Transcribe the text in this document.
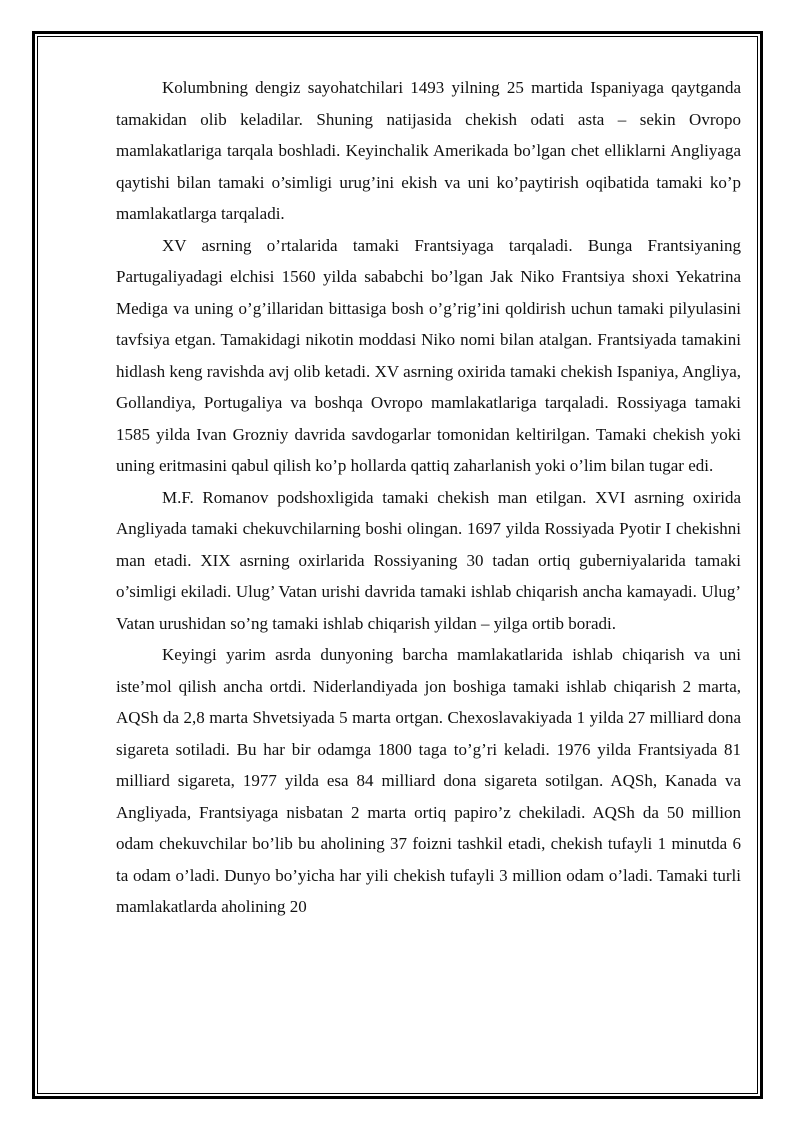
Kolumbning dengiz sayohatchilari 1493 yilning 25 martida Ispaniyaga qaytganda tamakidan olib keladilar. Shuning natijasida chekish odati asta – sekin Ovropo mamlakatlariga tarqala boshladi. Keyinchalik Amerikada bo’lgan chet elliklarni Angliyaga qaytishi bilan tamaki o’simligi urug’ini ekish va uni ko’paytirish oqibatida tamaki ko’p mamlakatlarga tarqaladi.

XV asrning o’rtalarida tamaki Frantsiyaga tarqaladi. Bunga Frantsiyaning Partugaliyadagi elchisi 1560 yilda sababchi bo’lgan Jak Niko Frantsiya shoxi Yekatrina Mediga va uning o’g’illaridan bittasiga bosh o’g’rig’ini qoldirish uchun tamaki pilyulasini tavfsiya etgan. Tamakidagi nikotin moddasi Niko nomi bilan atalgan. Frantsiyada tamakini hidlash keng ravishda avj olib ketadi. XV asrning oxirida tamaki chekish Ispaniya, Angliya, Gollandiya, Portugaliya va boshqa Ovropo mamlakatlariga tarqaladi. Rossiyaga tamaki 1585 yilda Ivan Grozniy davrida savdogarlar tomonidan keltirilgan. Tamaki chekish yoki uning eritmasini qabul qilish ko’p hollarda qattiq zaharlanish yoki o’lim bilan tugar edi.

M.F. Romanov podshoxligida tamaki chekish man etilgan. XVI asrning oxirida Angliyada tamaki chekuvchilarning boshi olingan. 1697 yilda Rossiyada Pyotir I chekishni man etadi. XIX asrning oxirlarida Rossiyaning 30 tadan ortiq guberniyalarida tamaki o’simligi ekiladi. Ulug’ Vatan urishi davrida tamaki ishlab chiqarish ancha kamayadi. Ulug’ Vatan urushidan so’ng tamaki ishlab chiqarish yildan – yilga ortib boradi.

Keyingi yarim asrda dunyoning barcha mamlakatlarida ishlab chiqarish va uni iste’mol qilish ancha ortdi. Niderlandiyada jon boshiga tamaki ishlab chiqarish 2 marta, AQSh da 2,8 marta Shvetsiyada 5 marta ortgan. Chexoslavakiyada 1 yilda 27 milliard dona sigareta sotiladi. Bu har bir odamga 1800 taga to’g’ri keladi. 1976 yilda Frantsiyada 81 milliard sigareta, 1977 yilda esa 84 milliard dona sigareta sotilgan. AQSh, Kanada va Angliyada, Frantsiyaga nisbatan 2 marta ortiq papiro’z chekiladi. AQSh da 50 million odam chekuvchilar bo’lib bu aholining 37 foizni tashkil etadi, chekish tufayli 1 minutda 6 ta odam o’ladi. Dunyo bo’yicha har yili chekish tufayli 3 million odam o’ladi. Tamaki turli mamlakatlarda aholining 20
